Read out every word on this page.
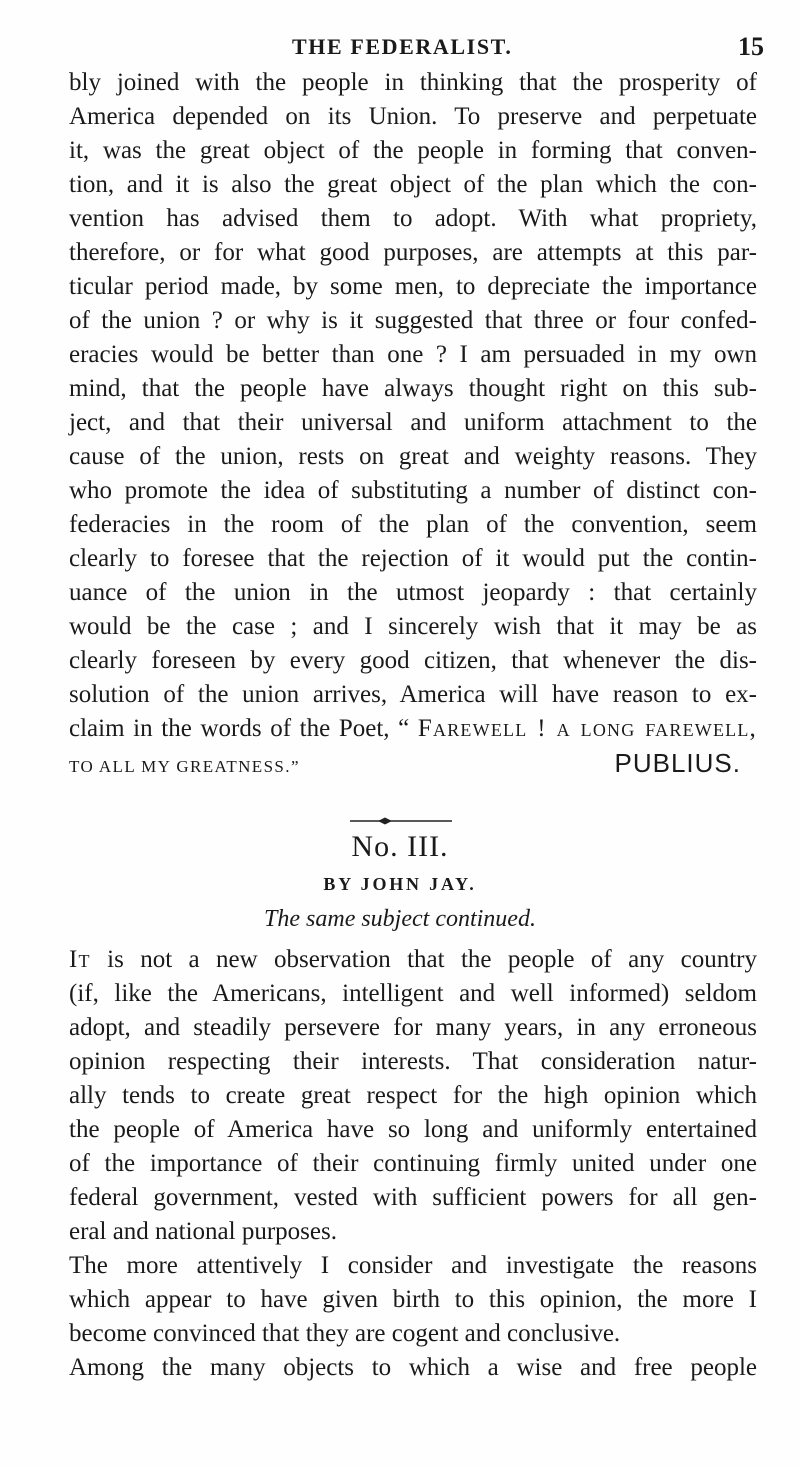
THE FEDERALIST.	15
bly joined with the people in thinking that the prosperity of
America depended on its Union. To preserve and perpetuate
it, was the great object of the people in forming that conven-
tion, and it is also the great object of the plan which the con-
vention has advised them to adopt. With what propriety,
therefore, or for what good purposes, are attempts at this par-
ticular period made, by some men, to depreciate the importance
of the union ? or why is it suggested that three or four confed-
eracies would be better than one ? I am persuaded in my own
mind, that the people have always thought right on this sub-
ject, and that their universal and uniform attachment to the
cause of the union, rests on great and weighty reasons. They
who promote the idea of substituting a number of distinct con-
federacies in the room of the plan of the convention, seem
clearly to foresee that the rejection of it would put the contin-
uance of the union in the utmost jeopardy : that certainly
would be the case ; and I sincerely wish that it may be as
clearly foreseen by every good citizen, that whenever the dis-
solution of the union arrives, America will have reason to ex-
claim in the words of the Poet, “ Farewell ! a long farewell,
TO ALL MY GREATNESS.”	PUBLIUS.
No. III.
BY JOHN JAY.
The same subject continued.
It is not a new observation that the people of any country
(if, like the Americans, intelligent and well informed) seldom
adopt, and steadily persevere for many years, in any erroneous
opinion respecting their interests. That consideration natur-
ally tends to create great respect for the high opinion which
the people of America have so long and uniformly entertained
of the importance of their continuing firmly united under one
federal government, vested with sufficient powers for all gen-
eral and national purposes.
The more attentively I consider and investigate the reasons
which appear to have given birth to this opinion, the more I
become convinced that they are cogent and conclusive.
Among the many objects to which a wise and free people
